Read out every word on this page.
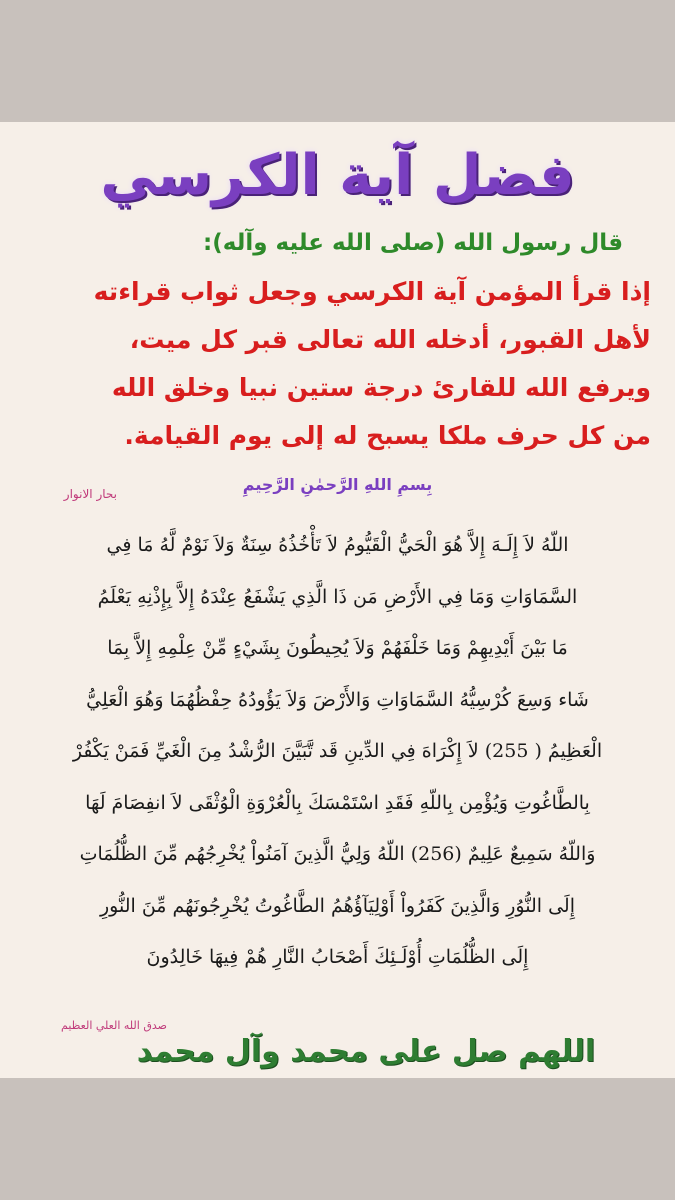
فضل آية الكرسي
قال رسول الله (صلى الله عليه وآله):
إذا قرأ المؤمن آية الكرسي وجعل ثواب قراءته
لأهل القبور، أدخله الله تعالى قبر كل ميت،
ويرفع الله للقارئ درجة ستين نبيا وخلق الله
من كل حرف ملكا يسبح له إلى يوم القيامة.
بحار الانوار	بِسمِ اللهِ الرَّحمٰنِ الرَّحِيمِ
اللّهُ لاَ إِلَـهَ إِلاَّ هُوَ الْحَيُّ الْقَيُّومُ لاَ تَأْخُذُهُ سِنَةٌ وَلاَ نَوْمٌ لَّهُ مَا فِي
السَّمَاوَاتِ وَمَا فِي الأَرْضِ مَن ذَا الَّذِي يَشْفَعُ عِنْدَهُ إِلاَّ بِإِذْنِهِ يَعْلَمُ
مَا بَيْنَ أَيْدِيهِمْ وَمَا خَلْفَهُمْ وَلاَ يُحِيطُونَ بِشَيْءٍ مِّنْ عِلْمِهِ إِلاَّ بِمَا
شَاء وَسِعَ كُرْسِيُّهُ السَّمَاوَاتِ وَالأَرْضَ وَلاَ يَؤُودُهُ حِفْظُهُمَا وَهُوَ الْعَلِيُّ
الْعَظِيمُ ( 255) لاَ إِكْرَاهَ فِي الدِّينِ قَد تَّبَيَّنَ الرُّشْدُ مِنَ الْغَيِّ فَمَنْ يَكْفُرْ
بِالطَّاغُوتِ وَيُؤْمِن بِاللّهِ فَقَدِ اسْتَمْسَكَ بِالْعُرْوَةِ الْوُثْقَى لاَ انفِصَامَ لَهَا
وَاللّهُ سَمِيعٌ عَلِيمٌ (256) اللّهُ وَلِيُّ الَّذِينَ آمَنُواْ يُخْرِجُهُم مِّنَ الظُّلُمَاتِ
إِلَى النُّوُرِ وَالَّذِينَ كَفَرُواْ أَوْلِيَآؤُهُمُ الطَّاغُوتُ يُخْرِجُونَهُم مِّنَ النُّورِ
إِلَى الظُّلُمَاتِ أُوْلَـئِكَ أَصْحَابُ النَّارِ هُمْ فِيهَا خَالِدُونَ
صدق الله العلي العظيم
اللهم صل على محمد وآل محمد
